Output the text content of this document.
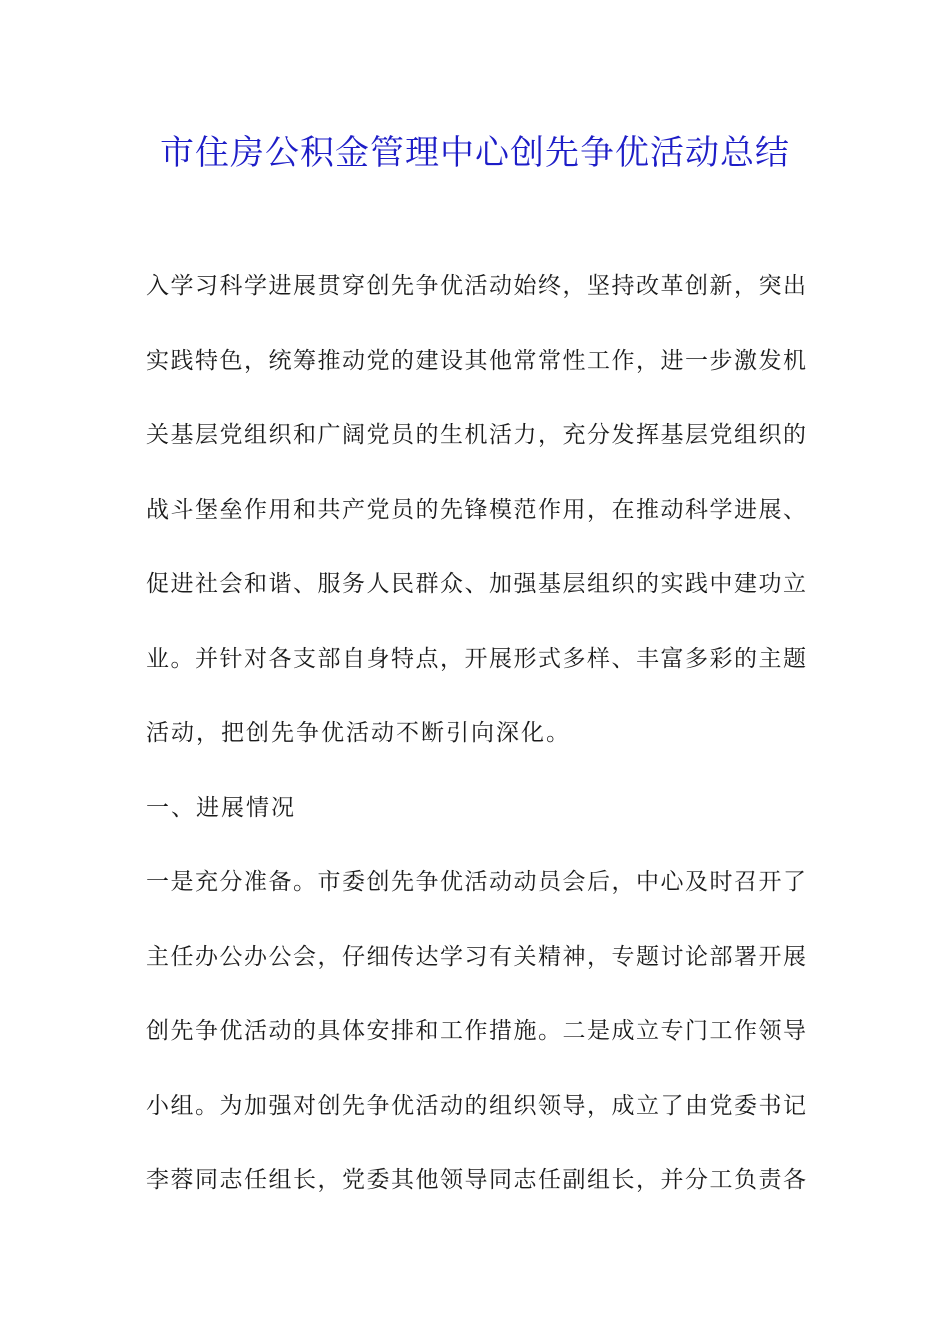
市住房公积金管理中心创先争优活动总结
入学习科学进展贯穿创先争优活动始终，坚持改革创新，突出
实践特色，统筹推动党的建设其他常常性工作，进一步激发机
关基层党组织和广阔党员的生机活力，充分发挥基层党组织的
战斗堡垒作用和共产党员的先锋模范作用，在推动科学进展、
促进社会和谐、服务人民群众、加强基层组织的实践中建功立
业。并针对各支部自身特点，开展形式多样、丰富多彩的主题
活动，把创先争优活动不断引向深化。
一、进展情况
一是充分准备。市委创先争优活动动员会后，中心及时召开了
主任办公办公会，仔细传达学习有关精神，专题讨论部署开展
创先争优活动的具体安排和工作措施。二是成立专门工作领导
小组。为加强对创先争优活动的组织领导，成立了由党委书记
李蓉同志任组长，党委其他领导同志任副组长，并分工负责各
